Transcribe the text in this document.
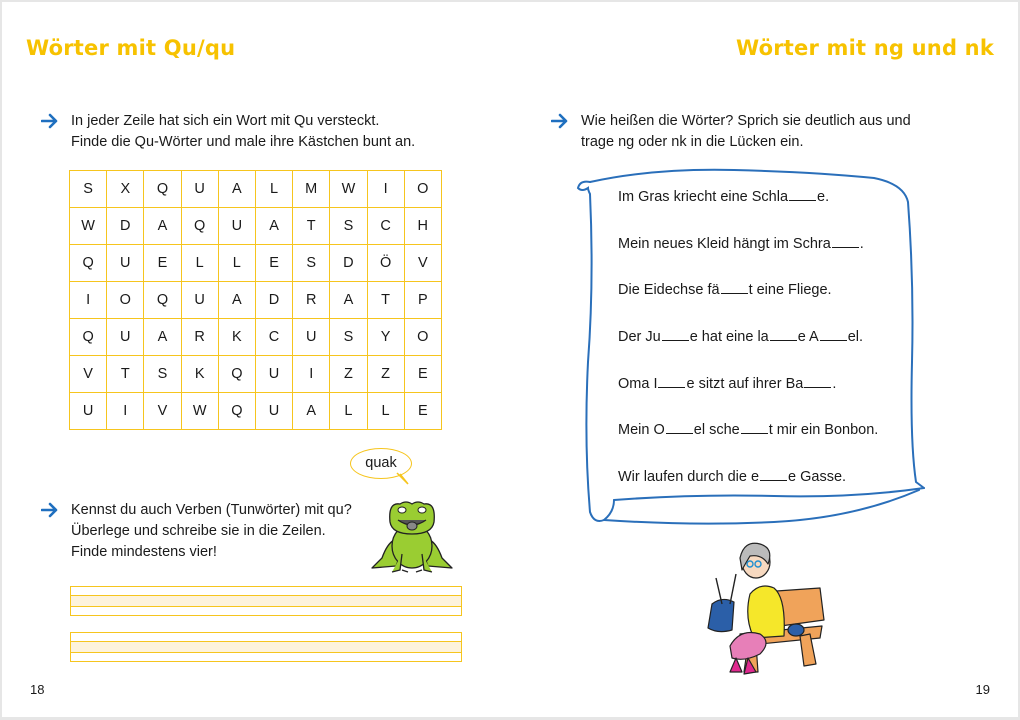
Wörter mit Qu/qu
In jeder Zeile hat sich ein Wort mit Qu versteckt.
Finde die Qu-Wörter und male ihre Kästchen bunt an.
S	X	Q	U	A	L	M	W	I	O
W	D	A	Q	U	A	T	S	C	H
Q	U	E	L	L	E	S	D	Ö	V
I	O	Q	U	A	D	R	A	T	P
Q	U	A	R	K	C	U	S	Y	O
V	T	S	K	Q	U	I	Z	Z	E
U	I	V	W	Q	U	A	L	L	E
quak
Kennst du auch Verben (Tunwörter) mit qu?
Überlege und schreibe sie in die Zeilen.
Finde mindestens vier!
18
Wörter mit ng und nk
Wie heißen die Wörter? Sprich sie deutlich aus und
trage ng oder nk in die Lücken ein.
Im Gras kriecht eine Schla e.
Mein neues Kleid hängt im Schra .
Die Eidechse fä t eine Fliege.
Der Ju e hat eine la e A el.
Oma I e sitzt auf ihrer Ba .
Mein O el sche t mir ein Bonbon.
Wir laufen durch die e e Gasse.
19
